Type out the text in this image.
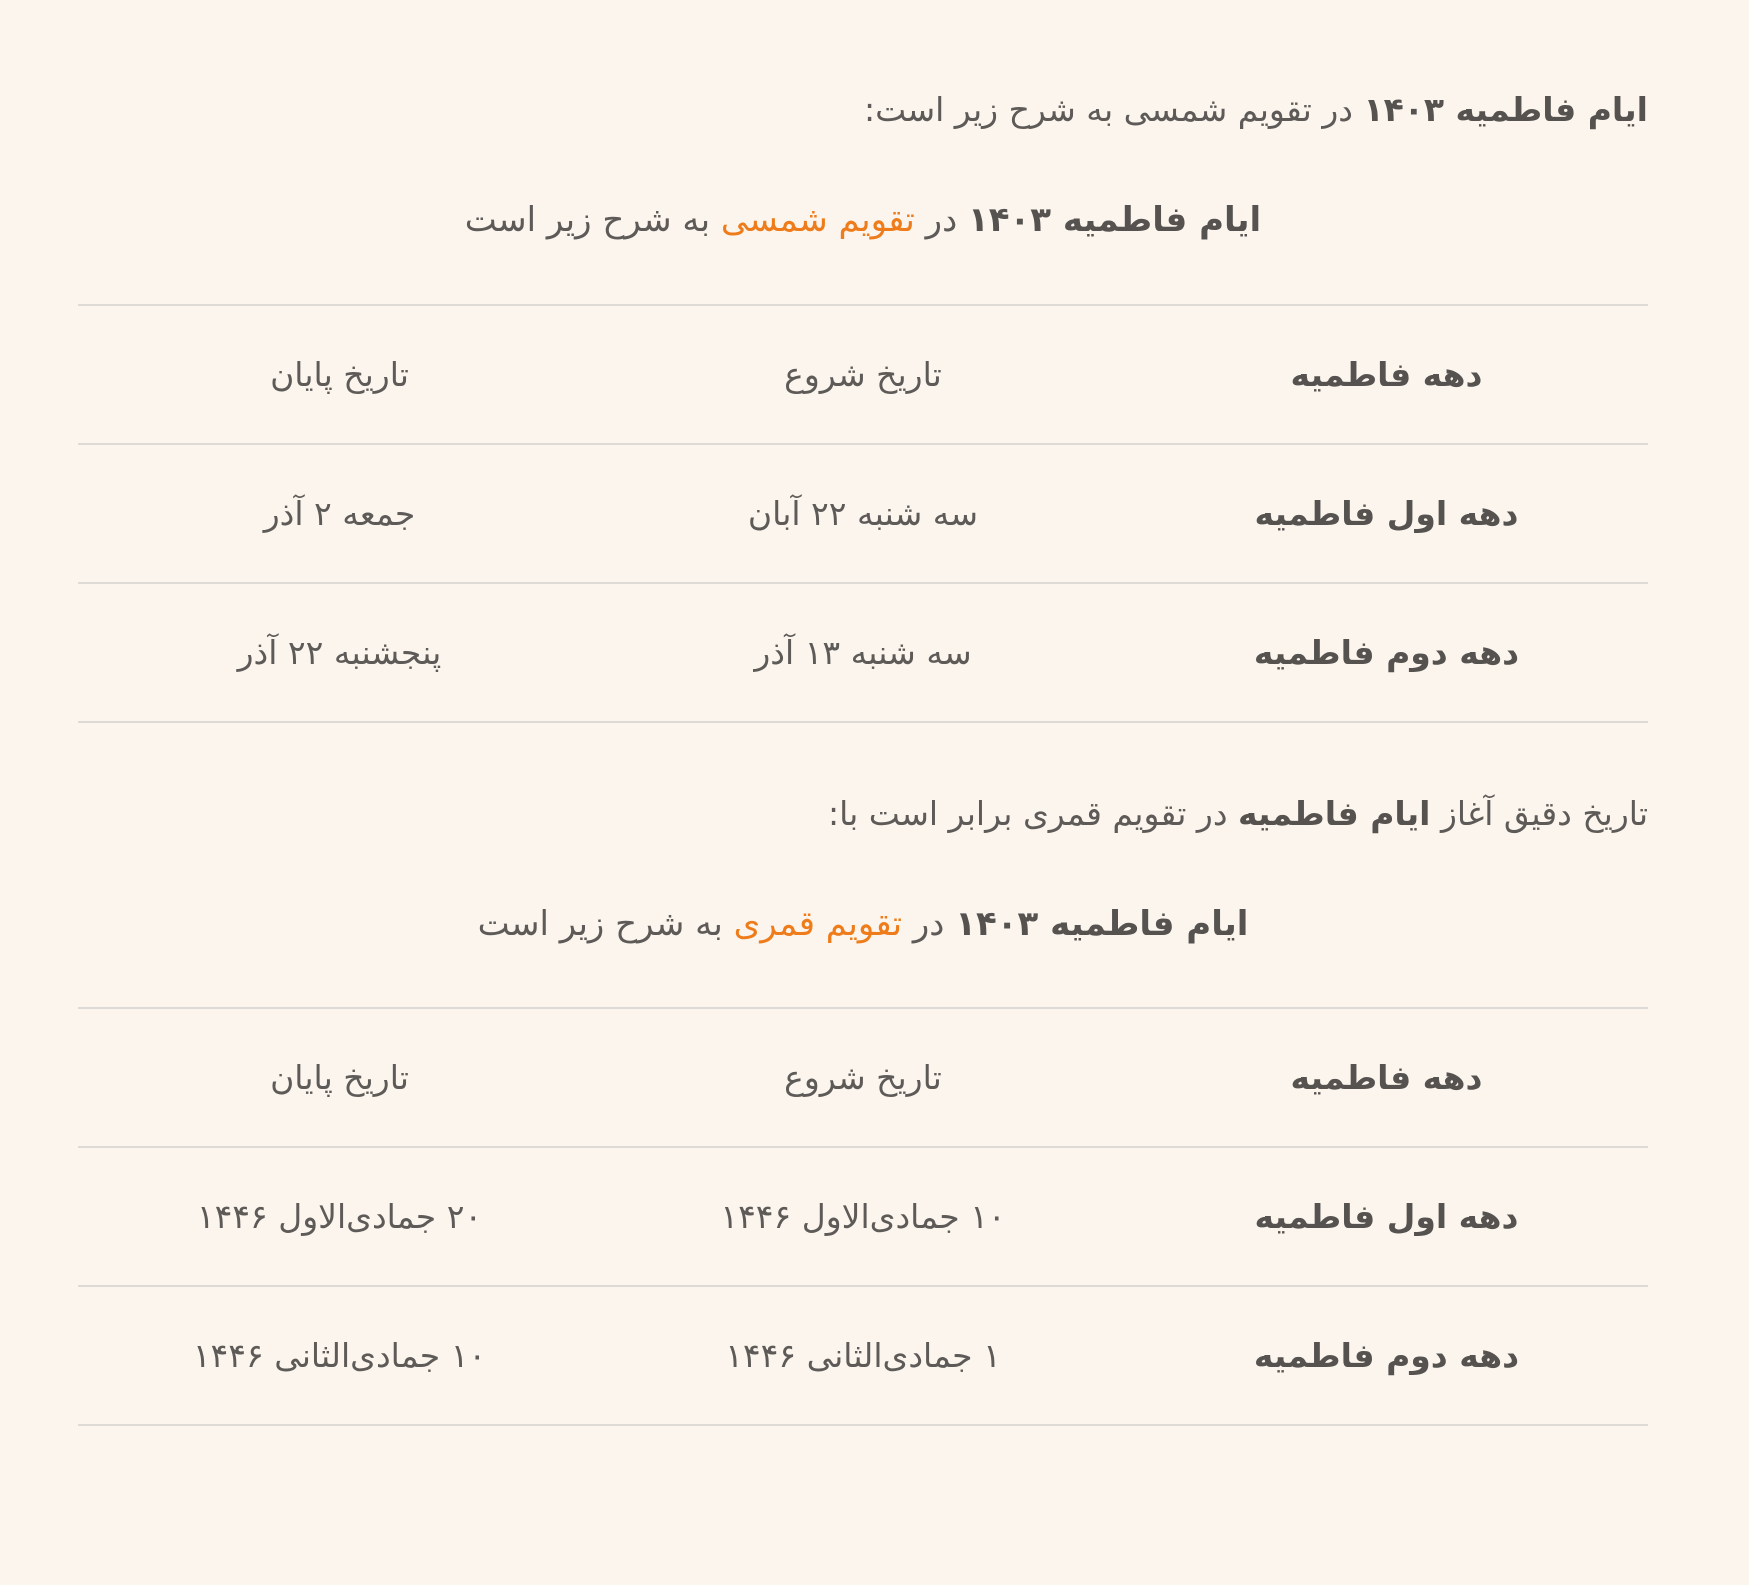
ایام فاطمیه ۱۴۰۳ در تقویم شمسی به شرح زیر است:

ایام فاطمیه ۱۴۰۳ در تقویم شمسی به شرح زیر است

دهه فاطمیه	تاریخ شروع	تاریخ پایان
دهه اول فاطمیه	سه شنبه ۲۲ آبان	جمعه ۲ آذر
دهه دوم فاطمیه	سه شنبه ۱۳ آذر	پنجشنبه ۲۲ آذر

تاریخ دقیق آغاز ایام فاطمیه در تقویم قمری برابر است با:

ایام فاطمیه ۱۴۰۳ در تقویم قمری به شرح زیر است

دهه فاطمیه	تاریخ شروع	تاریخ پایان
دهه اول فاطمیه	۱۰ جمادی‌الاول ۱۴۴۶	۲۰ جمادی‌الاول ۱۴۴۶
دهه دوم فاطمیه	۱ جمادی‌الثانی ۱۴۴۶	۱۰ جمادی‌الثانی ۱۴۴۶
